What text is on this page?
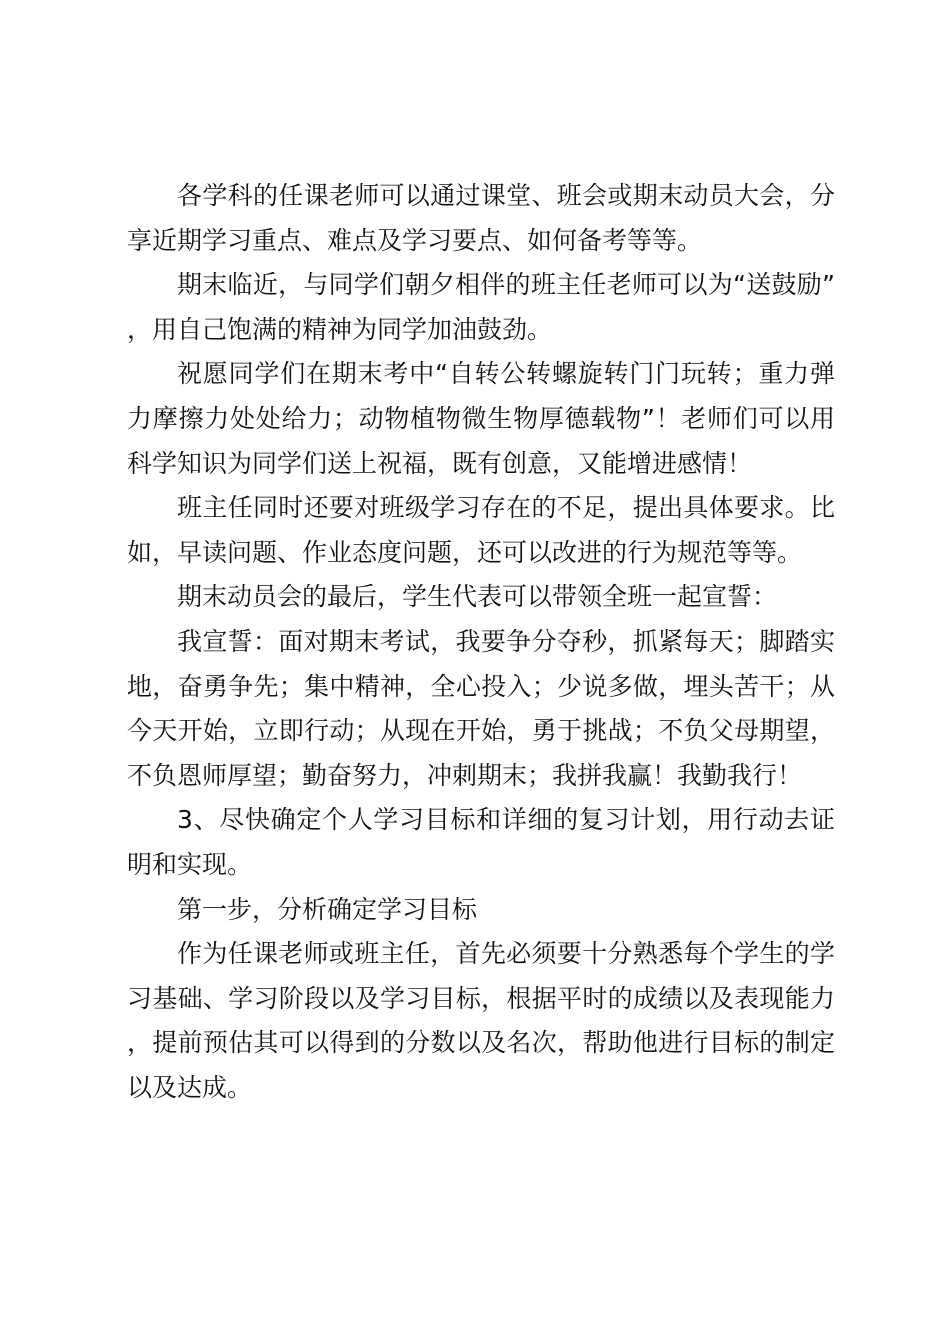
各学科的任课老师可以通过课堂、班会或期末动员大会，分享近期学习重点、难点及学习要点、如何备考等等。

期末临近，与同学们朝夕相伴的班主任老师可以为“送鼓励”，用自己饱满的精神为同学加油鼓劲。

祝愿同学们在期末考中“自转公转螺旋转门门玩转；重力弹力摩擦力处处给力；动物植物微生物厚德载物”！老师们可以用科学知识为同学们送上祝福，既有创意，又能增进感情！

班主任同时还要对班级学习存在的不足，提出具体要求。比如，早读问题、作业态度问题，还可以改进的行为规范等等。

期末动员会的最后，学生代表可以带领全班一起宣誓：

我宣誓：面对期末考试，我要争分夺秒，抓紧每天；脚踏实地，奋勇争先；集中精神，全心投入；少说多做，埋头苦干；从今天开始，立即行动；从现在开始，勇于挑战；不负父母期望，不负恩师厚望；勤奋努力，冲刺期末；我拼我赢！我勤我行！

3、尽快确定个人学习目标和详细的复习计划，用行动去证明和实现。

第一步，分析确定学习目标

作为任课老师或班主任，首先必须要十分熟悉每个学生的学习基础、学习阶段以及学习目标，根据平时的成绩以及表现能力，提前预估其可以得到的分数以及名次，帮助他进行目标的制定以及达成。
